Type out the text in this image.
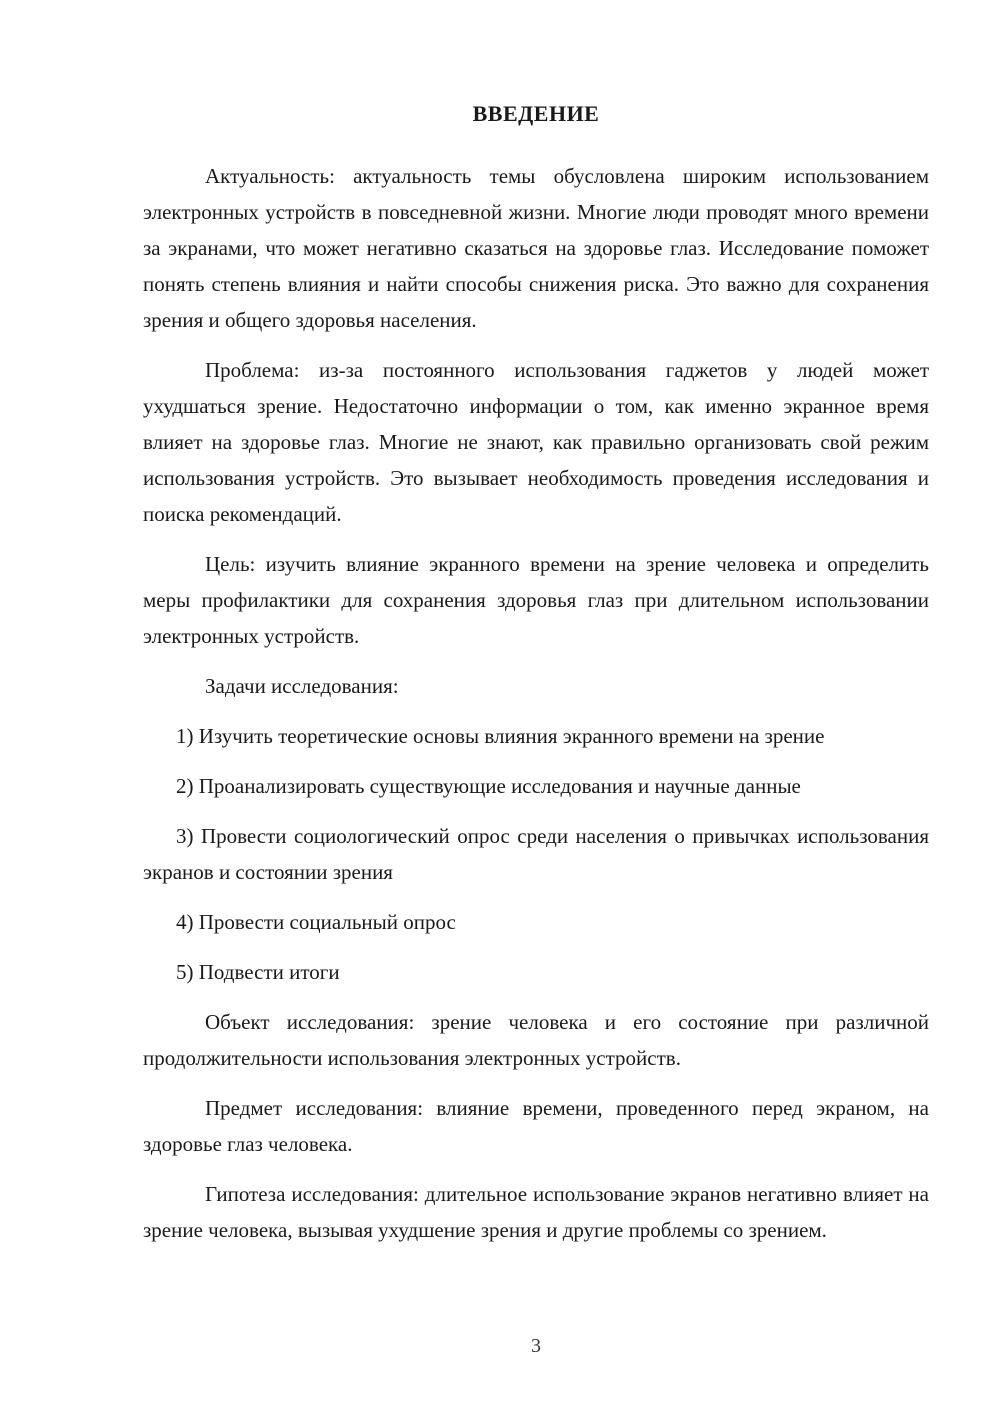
ВВЕДЕНИЕ

Актуальность: актуальность темы обусловлена широким использованием электронных устройств в повседневной жизни. Многие люди проводят много времени за экранами, что может негативно сказаться на здоровье глаз. Исследование поможет понять степень влияния и найти способы снижения риска. Это важно для сохранения зрения и общего здоровья населения.

Проблема: из-за постоянного использования гаджетов у людей может ухудшаться зрение. Недостаточно информации о том, как именно экранное время влияет на здоровье глаз. Многие не знают, как правильно организовать свой режим использования устройств. Это вызывает необходимость проведения исследования и поиска рекомендаций.

Цель: изучить влияние экранного времени на зрение человека и определить меры профилактики для сохранения здоровья глаз при длительном использовании электронных устройств.

Задачи исследования:

1) Изучить теоретические основы влияния экранного времени на зрение

2) Проанализировать существующие исследования и научные данные

3) Провести социологический опрос среди населения о привычках использования экранов и состоянии зрения

4) Провести социальный опрос

5) Подвести итоги

Объект исследования: зрение человека и его состояние при различной продолжительности использования электронных устройств.

Предмет исследования: влияние времени, проведенного перед экраном, на здоровье глаз человека.

Гипотеза исследования: длительное использование экранов негативно влияет на зрение человека, вызывая ухудшение зрения и другие проблемы со зрением.

3
